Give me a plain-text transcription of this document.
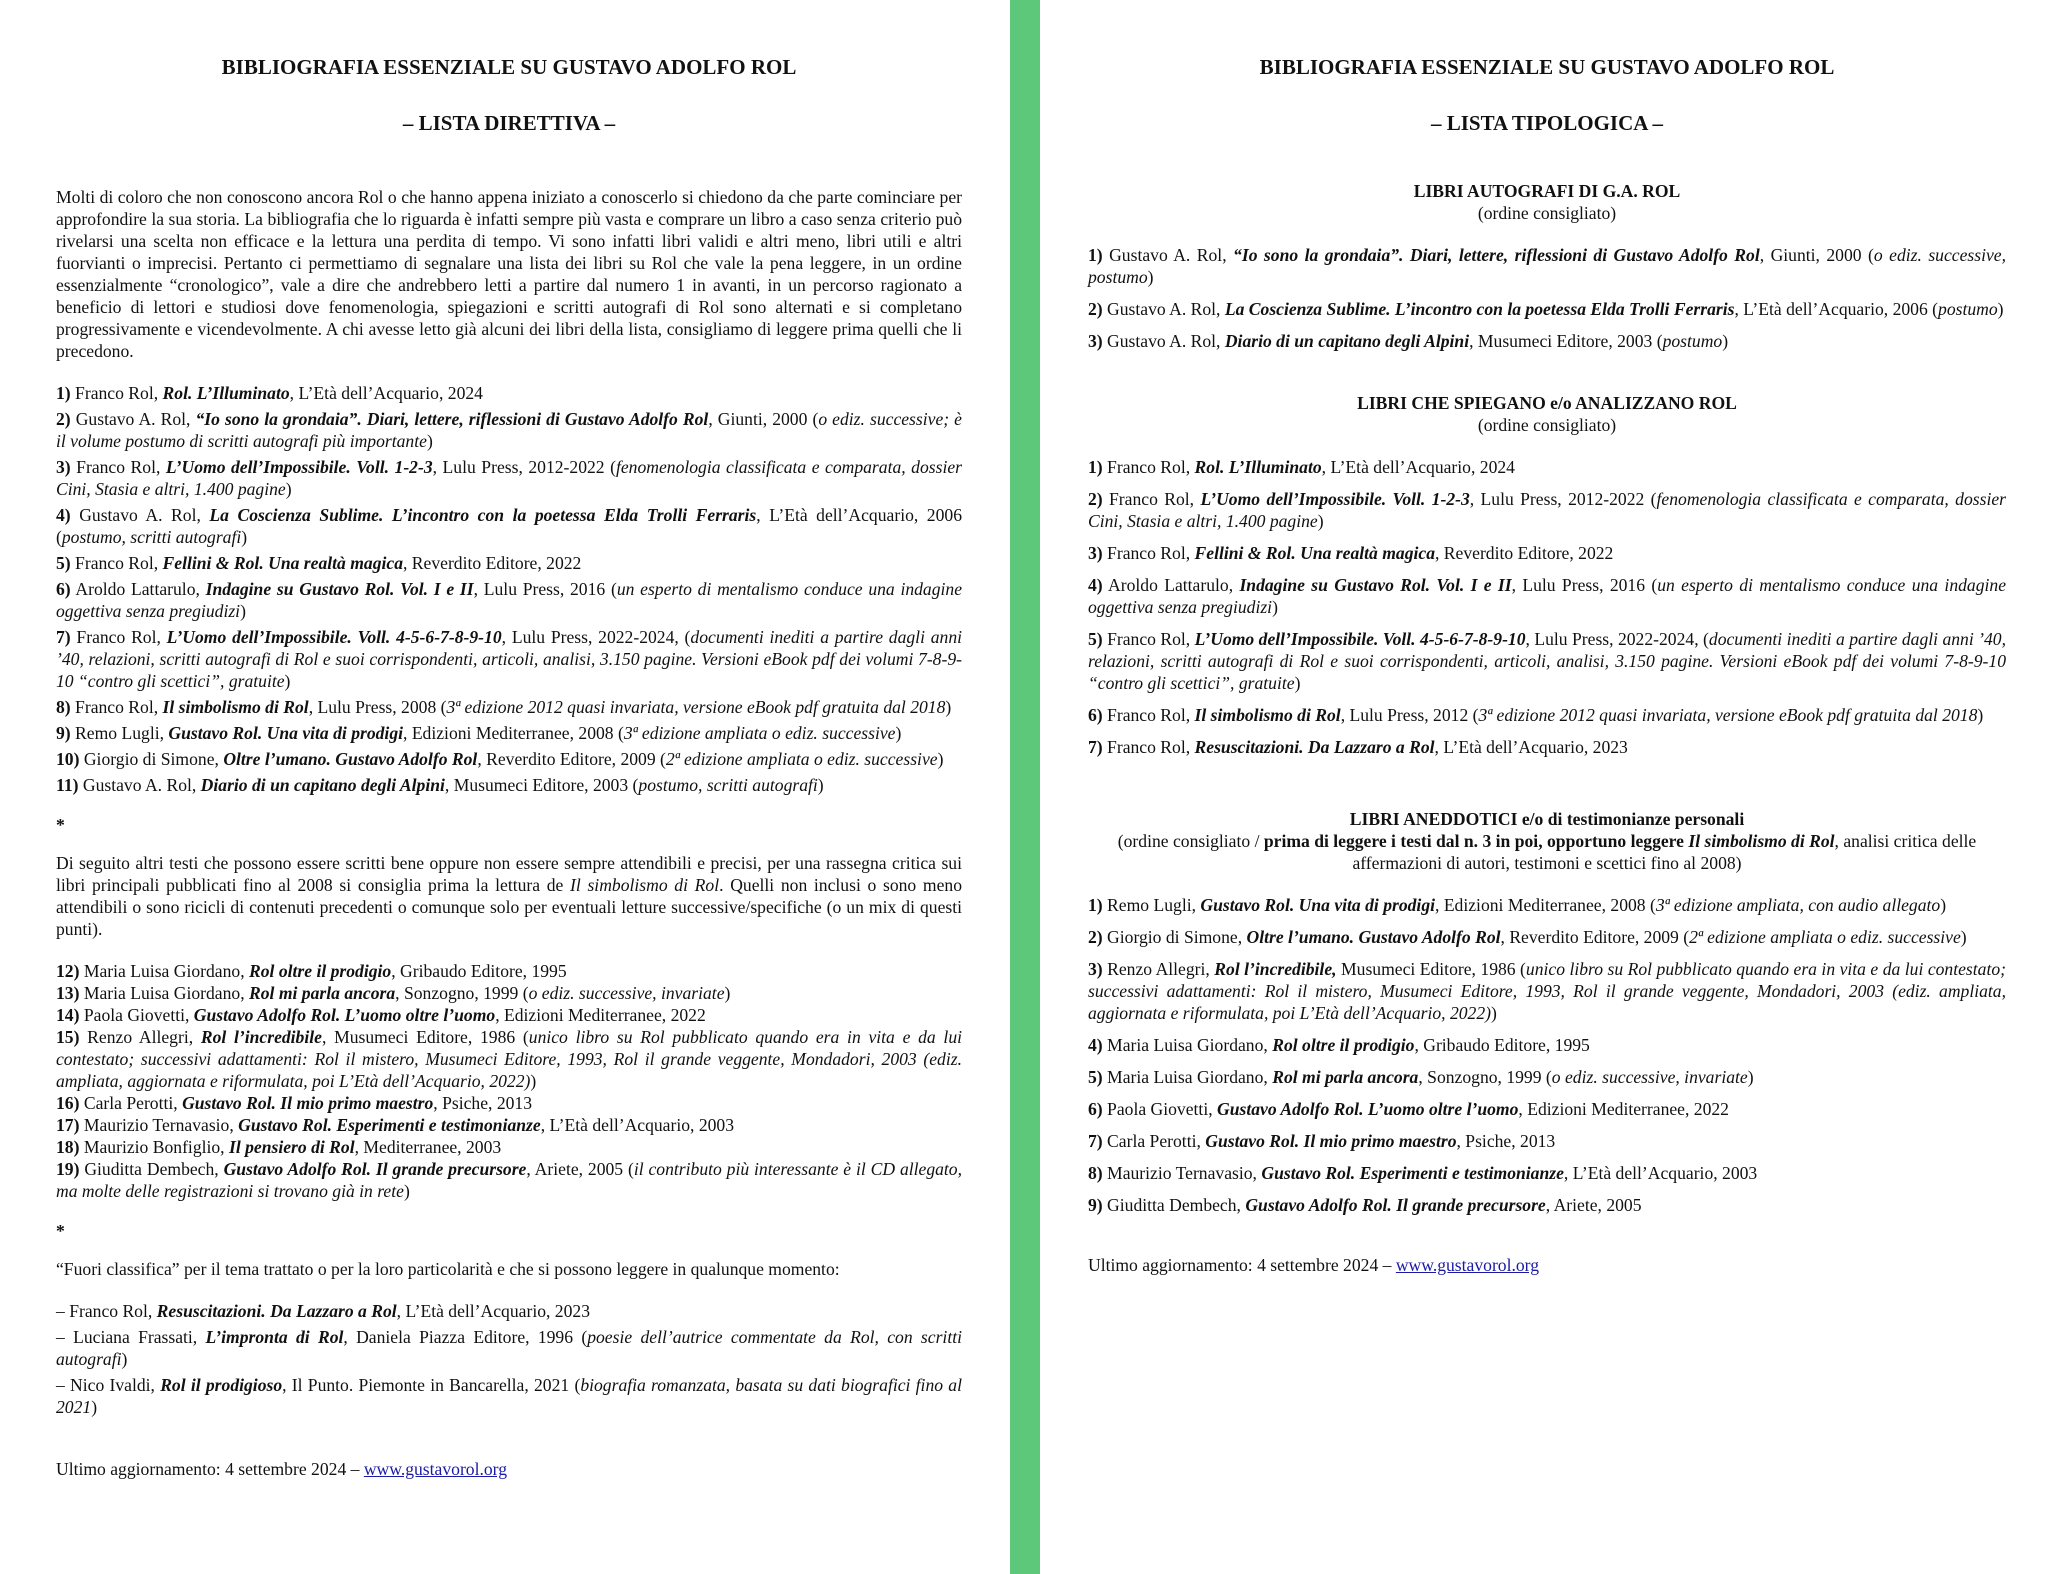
BIBLIOGRAFIA ESSENZIALE SU GUSTAVO ADOLFO ROL

– LISTA DIRETTIVA –

Molti di coloro che non conoscono ancora Rol o che hanno appena iniziato a conoscerlo si chiedono da che parte cominciare per approfondire la sua storia. La bibliografia che lo riguarda è infatti sempre più vasta e comprare un libro a caso senza criterio può rivelarsi una scelta non efficace e la lettura una perdita di tempo. Vi sono infatti libri validi e altri meno, libri utili e altri fuorvianti o imprecisi. Pertanto ci permettiamo di segnalare una lista dei libri su Rol che vale la pena leggere, in un ordine essenzialmente “cronologico”, vale a dire che andrebbero letti a partire dal numero 1 in avanti, in un percorso ragionato a beneficio di lettori e studiosi dove fenomenologia, spiegazioni e scritti autografi di Rol sono alternati e si completano progressivamente e vicendevolmente. A chi avesse letto già alcuni dei libri della lista, consigliamo di leggere prima quelli che li precedono.

1) Franco Rol, Rol. L’Illuminato, L’Età dell’Acquario, 2024
2) Gustavo A. Rol, “Io sono la grondaia”. Diari, lettere, riflessioni di Gustavo Adolfo Rol, Giunti, 2000 (o ediz. successive; è il volume postumo di scritti autografi più importante)
3) Franco Rol, L’Uomo dell’Impossibile. Voll. 1-2-3, Lulu Press, 2012-2022 (fenomenologia classificata e comparata, dossier Cini, Stasia e altri, 1.400 pagine)
4) Gustavo A. Rol, La Coscienza Sublime. L’incontro con la poetessa Elda Trolli Ferraris, L’Età dell’Acquario, 2006 (postumo, scritti autografi)
5) Franco Rol, Fellini & Rol. Una realtà magica, Reverdito Editore, 2022
6) Aroldo Lattarulo, Indagine su Gustavo Rol. Vol. I e II, Lulu Press, 2016 (un esperto di mentalismo conduce una indagine oggettiva senza pregiudizi)
7) Franco Rol, L’Uomo dell’Impossibile. Voll. 4-5-6-7-8-9-10, Lulu Press, 2022-2024, (documenti inediti a partire dagli anni ’40, relazioni, scritti autografi di Rol e suoi corrispondenti, articoli, analisi, 3.150 pagine. Versioni eBook pdf dei volumi 7-8-9-10 “contro gli scettici”, gratuite)
8) Franco Rol, Il simbolismo di Rol, Lulu Press, 2008 (3ª edizione 2012 quasi invariata, versione eBook pdf gratuita dal 2018)
9) Remo Lugli, Gustavo Rol. Una vita di prodigi, Edizioni Mediterranee, 2008 (3ª edizione ampliata o ediz. successive)
10) Giorgio di Simone, Oltre l’umano. Gustavo Adolfo Rol, Reverdito Editore, 2009 (2ª edizione ampliata o ediz. successive)
11) Gustavo A. Rol, Diario di un capitano degli Alpini, Musumeci Editore, 2003 (postumo, scritti autografi)

*

Di seguito altri testi che possono essere scritti bene oppure non essere sempre attendibili e precisi, per una rassegna critica sui libri principali pubblicati fino al 2008 si consiglia prima la lettura de Il simbolismo di Rol. Quelli non inclusi o sono meno attendibili o sono ricicli di contenuti precedenti o comunque solo per eventuali letture successive/specifiche (o un mix di questi punti).

12) Maria Luisa Giordano, Rol oltre il prodigio, Gribaudo Editore, 1995
13) Maria Luisa Giordano, Rol mi parla ancora, Sonzogno, 1999 (o ediz. successive, invariate)
14) Paola Giovetti, Gustavo Adolfo Rol. L’uomo oltre l’uomo, Edizioni Mediterranee, 2022
15) Renzo Allegri, Rol l’incredibile, Musumeci Editore, 1986 (unico libro su Rol pubblicato quando era in vita e da lui contestato; successivi adattamenti: Rol il mistero, Musumeci Editore, 1993, Rol il grande veggente, Mondadori, 2003 (ediz. ampliata, aggiornata e riformulata, poi L’Età dell’Acquario, 2022))
16) Carla Perotti, Gustavo Rol. Il mio primo maestro, Psiche, 2013
17) Maurizio Ternavasio, Gustavo Rol. Esperimenti e testimonianze, L’Età dell’Acquario, 2003
18) Maurizio Bonfiglio, Il pensiero di Rol, Mediterranee, 2003
19) Giuditta Dembech, Gustavo Adolfo Rol. Il grande precursore, Ariete, 2005 (il contributo più interessante è il CD allegato, ma molte delle registrazioni si trovano già in rete)

*

“Fuori classifica” per il tema trattato o per la loro particolarità e che si possono leggere in qualunque momento:

– Franco Rol, Resuscitazioni. Da Lazzaro a Rol, L’Età dell’Acquario, 2023
– Luciana Frassati, L’impronta di Rol, Daniela Piazza Editore, 1996 (poesie dell’autrice commentate da Rol, con scritti autografi)
– Nico Ivaldi, Rol il prodigioso, Il Punto. Piemonte in Bancarella, 2021 (biografia romanzata, basata su dati biografici fino al 2021)

Ultimo aggiornamento: 4 settembre 2024 – www.gustavorol.org

BIBLIOGRAFIA ESSENZIALE SU GUSTAVO ADOLFO ROL

– LISTA TIPOLOGICA –

LIBRI AUTOGRAFI DI G.A. ROL
(ordine consigliato)
1) Gustavo A. Rol, “Io sono la grondaia”. Diari, lettere, riflessioni di Gustavo Adolfo Rol, Giunti, 2000 (o ediz. successive, postumo)
2) Gustavo A. Rol, La Coscienza Sublime. L’incontro con la poetessa Elda Trolli Ferraris, L’Età dell’Acquario, 2006 (postumo)
3) Gustavo A. Rol, Diario di un capitano degli Alpini, Musumeci Editore, 2003 (postumo)
LIBRI CHE SPIEGANO e/o ANALIZZANO ROL
(ordine consigliato)
1) Franco Rol, Rol. L’Illuminato, L’Età dell’Acquario, 2024
2) Franco Rol, L’Uomo dell’Impossibile. Voll. 1-2-3, Lulu Press, 2012-2022 (fenomenologia classificata e comparata, dossier Cini, Stasia e altri, 1.400 pagine)
3) Franco Rol, Fellini & Rol. Una realtà magica, Reverdito Editore, 2022
4) Aroldo Lattarulo, Indagine su Gustavo Rol. Vol. I e II, Lulu Press, 2016 (un esperto di mentalismo conduce una indagine oggettiva senza pregiudizi)
5) Franco Rol, L’Uomo dell’Impossibile. Voll. 4-5-6-7-8-9-10, Lulu Press, 2022-2024, (documenti inediti a partire dagli anni ’40, relazioni, scritti autografi di Rol e suoi corrispondenti, articoli, analisi, 3.150 pagine. Versioni eBook pdf dei volumi 7-8-9-10 “contro gli scettici”, gratuite)
6) Franco Rol, Il simbolismo di Rol, Lulu Press, 2012 (3ª edizione 2012 quasi invariata, versione eBook pdf gratuita dal 2018)
7) Franco Rol, Resuscitazioni. Da Lazzaro a Rol, L’Età dell’Acquario, 2023
LIBRI ANEDDOTICI e/o di testimonianze personali
(ordine consigliato / prima di leggere i testi dal n. 3 in poi, opportuno leggere Il simbolismo di Rol, analisi critica delle affermazioni di autori, testimoni e scettici fino al 2008)
1) Remo Lugli, Gustavo Rol. Una vita di prodigi, Edizioni Mediterranee, 2008 (3ª edizione ampliata, con audio allegato)
2) Giorgio di Simone, Oltre l’umano. Gustavo Adolfo Rol, Reverdito Editore, 2009 (2ª edizione ampliata o ediz. successive)
3) Renzo Allegri, Rol l’incredibile, Musumeci Editore, 1986 (unico libro su Rol pubblicato quando era in vita e da lui contestato; successivi adattamenti: Rol il mistero, Musumeci Editore, 1993, Rol il grande veggente, Mondadori, 2003 (ediz. ampliata, aggiornata e riformulata, poi L’Età dell’Acquario, 2022))
4) Maria Luisa Giordano, Rol oltre il prodigio, Gribaudo Editore, 1995
5) Maria Luisa Giordano, Rol mi parla ancora, Sonzogno, 1999 (o ediz. successive, invariate)
6) Paola Giovetti, Gustavo Adolfo Rol. L’uomo oltre l’uomo, Edizioni Mediterranee, 2022
7) Carla Perotti, Gustavo Rol. Il mio primo maestro, Psiche, 2013
8) Maurizio Ternavasio, Gustavo Rol. Esperimenti e testimonianze, L’Età dell’Acquario, 2003
9) Giuditta Dembech, Gustavo Adolfo Rol. Il grande precursore, Ariete, 2005

Ultimo aggiornamento: 4 settembre 2024 – www.gustavorol.org
